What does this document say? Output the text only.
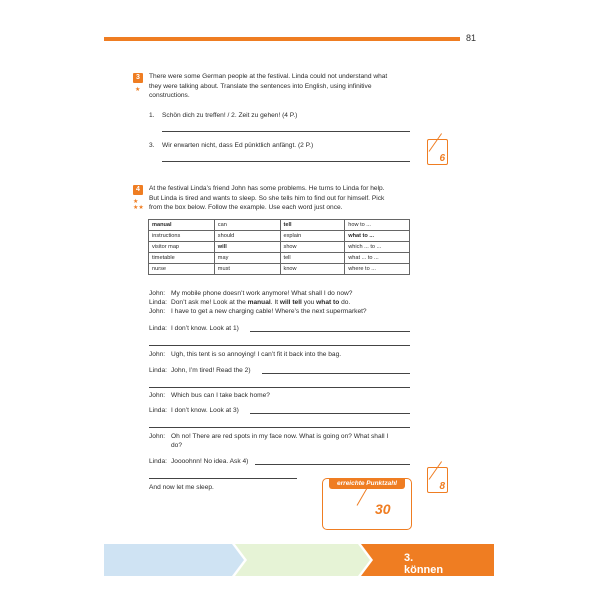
81
3
★
There were some German people at the festival. Linda could not understand what
they were talking about. Translate the sentences into English, using infinitive
constructions.
1. Schön dich zu treffen! / 2. Zeit zu gehen! (4 P.)
3. Wir erwarten nicht, dass Ed pünktlich anfängt. (2 P.)
6
4
★
★★
At the festival Linda’s friend John has some problems. He turns to Linda for help.
But Linda is tired and wants to sleep. So she tells him to find out for himself. Pick
from the box below. Follow the example. Use each word just once.
manual	can	tell	how to ...
instructions	should	explain	what to ...
visitor map	will	show	which ... to ...
timetable	may	tell	what ... to ...
nurse	must	know	where to ...
John: My mobile phone doesn’t work anymore! What shall I do now?
Linda: Don’t ask me! Look at the manual. It will tell you what to do.
John: I have to get a new charging cable! Where’s the next supermarket?
Linda: I don’t know. Look at 1)
John: Ugh, this tent is so annoying! I can’t fit it back into the bag.
Linda: John, I’m tired! Read the 2)
John: Which bus can I take back home?
Linda: I don’t know. Look at 3)
John: Oh no! There are red spots in my face now. What is going on? What shall I
do?
Linda: Joooohnn! No idea. Ask 4)
And now let me sleep.	8
erreichte Punktzahl
30
3. können
